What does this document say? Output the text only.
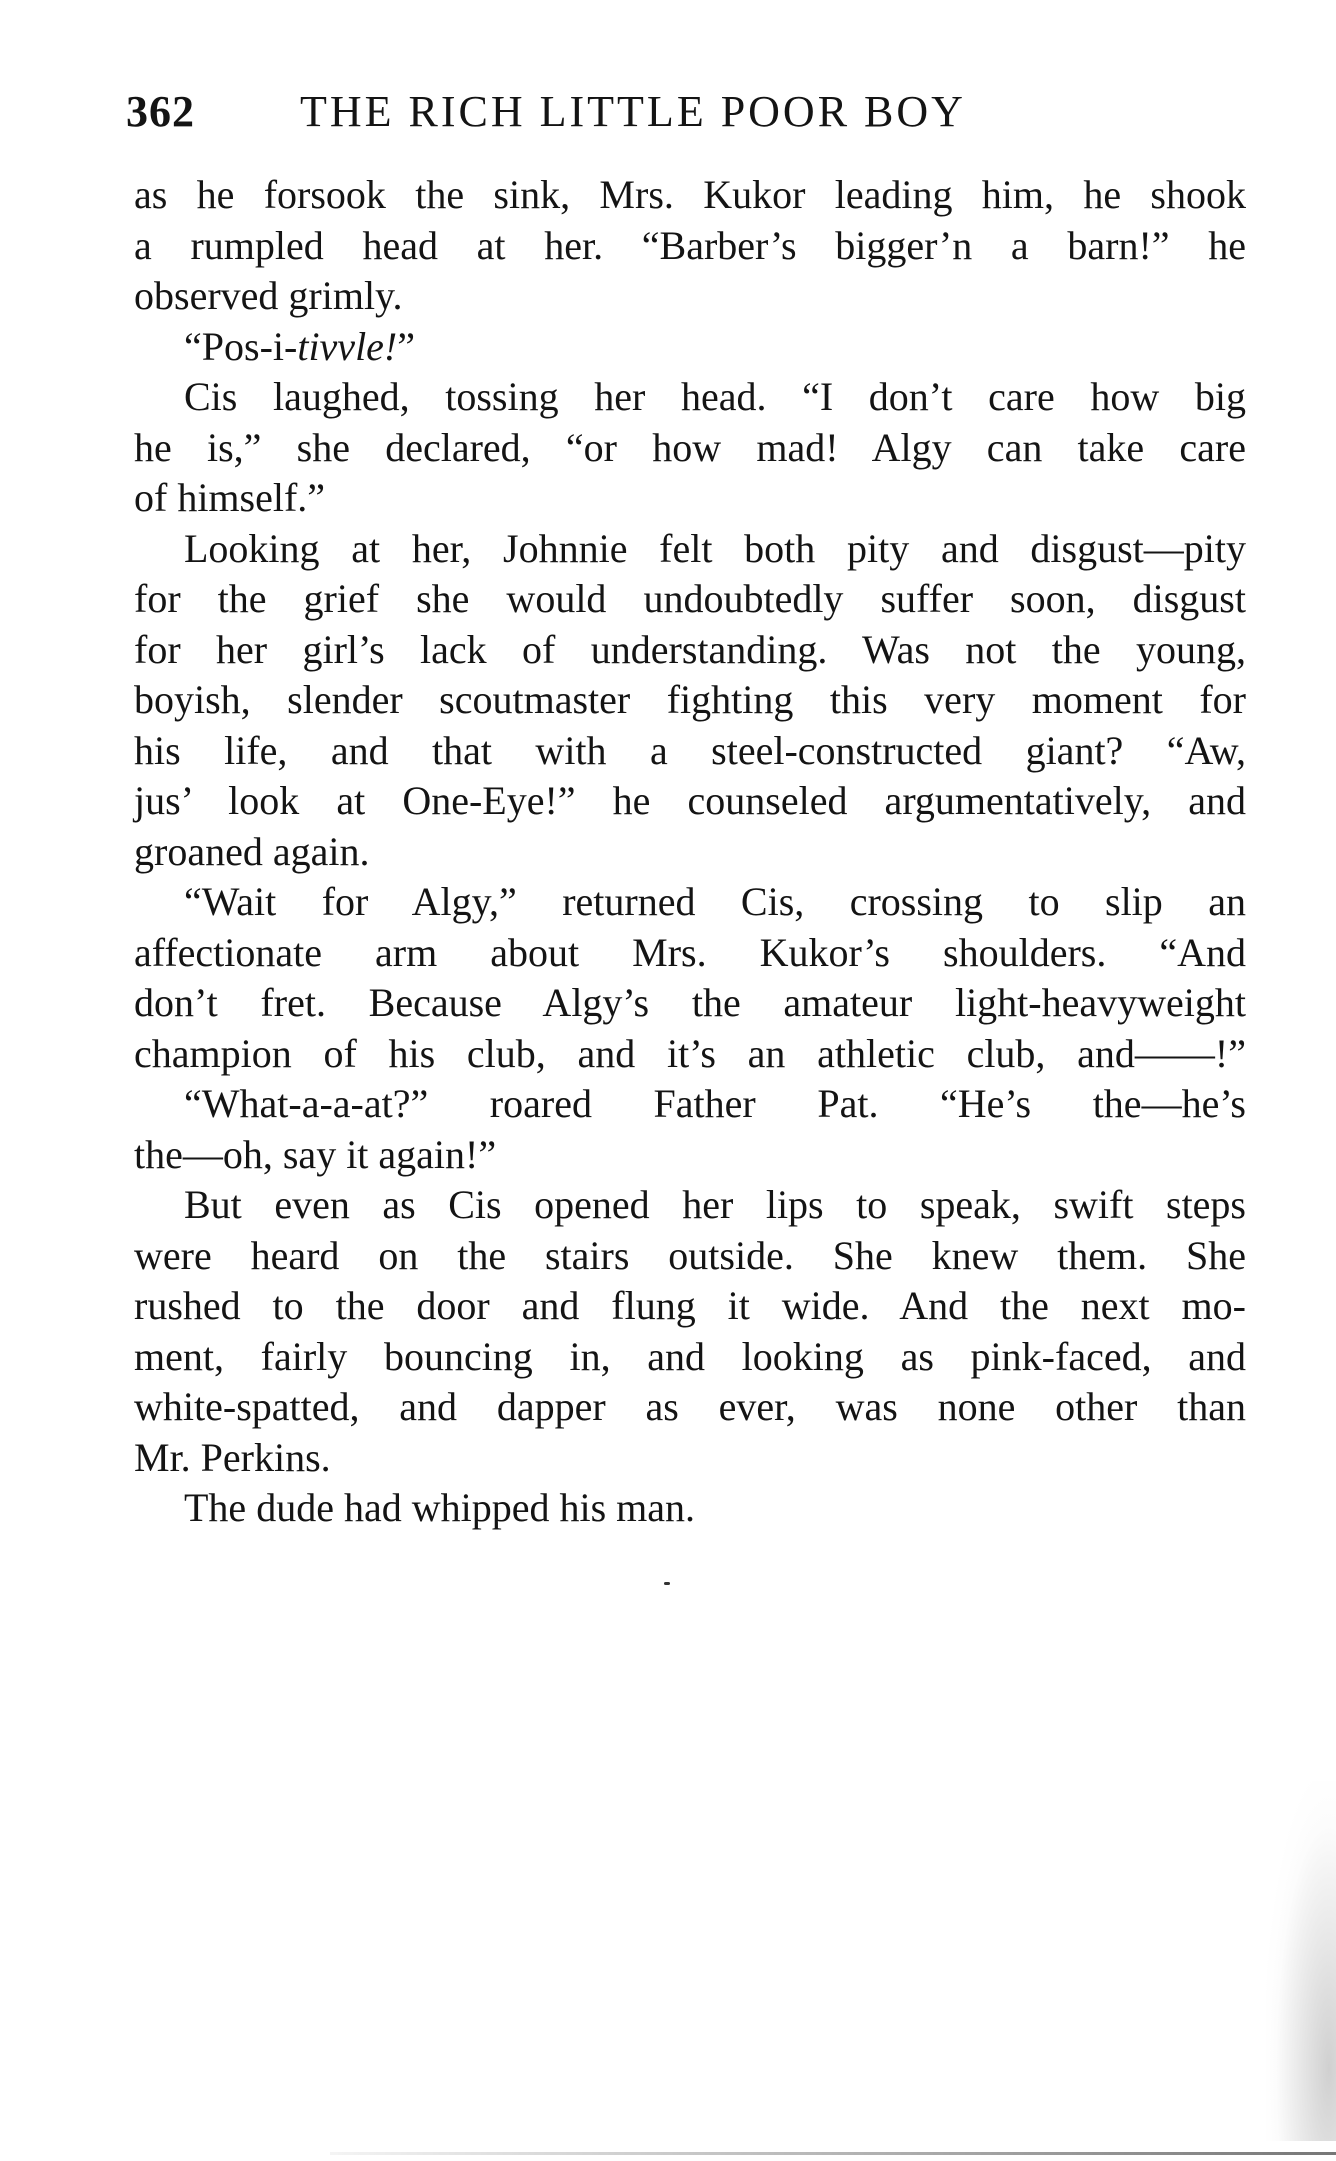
362 THE RICH LITTLE POOR BOY
as he forsook the sink, Mrs. Kukor leading him, he shook
a rumpled head at her. “Barber’s bigger’n a barn!” he
observed grimly.
“Pos-i-tivvle!”
Cis laughed, tossing her head. “I don’t care how big
he is,” she declared, “or how mad! Algy can take care
of himself.”
Looking at her, Johnnie felt both pity and disgust—pity
for the grief she would undoubtedly suffer soon, disgust
for her girl’s lack of understanding. Was not the young,
boyish, slender scoutmaster fighting this very moment for
his life, and that with a steel-constructed giant? “Aw,
jus’ look at One-Eye!” he counseled argumentatively, and
groaned again.
“Wait for Algy,” returned Cis, crossing to slip an
affectionate arm about Mrs. Kukor’s shoulders. “And
don’t fret. Because Algy’s the amateur light-heavyweight
champion of his club, and it’s an athletic club, and——!”
“What-a-a-at?” roared Father Pat. “He’s the—he’s
the—oh, say it again!”
But even as Cis opened her lips to speak, swift steps
were heard on the stairs outside. She knew them. She
rushed to the door and flung it wide. And the next mo-
ment, fairly bouncing in, and looking as pink-faced, and
white-spatted, and dapper as ever, was none other than
Mr. Perkins.
The dude had whipped his man.
